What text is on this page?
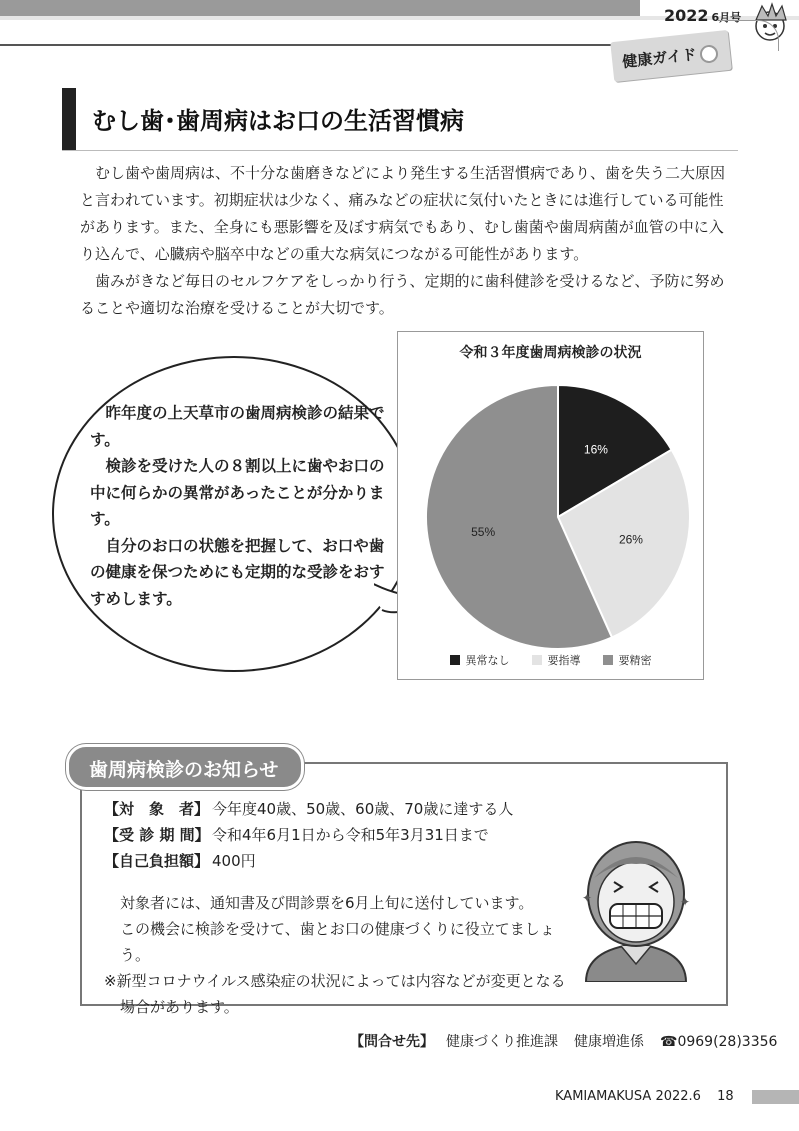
2022 6月号
健康ガイド
むし歯･歯周病はお口の生活習慣病

むし歯や歯周病は、不十分な歯磨きなどにより発生する生活習慣病であり、歯を失う二大原因と言われています。初期症状は少なく、痛みなどの症状に気付いたときには進行している可能性があります。また、全身にも悪影響を及ぼす病気でもあり、むし歯菌や歯周病菌が血管の中に入り込んで、心臓病や脳卒中などの重大な病気につながる可能性があります。

歯みがきなど毎日のセルフケアをしっかり行う、定期的に歯科健診を受けるなど、予防に努めることや適切な治療を受けることが大切です。

昨年度の上天草市の歯周病検診の結果です。

検診を受けた人の８割以上に歯やお口の中に何らかの異常があったことが分かります。

自分のお口の状態を把握して、お口や歯の健康を保つためにも定期的な受診をおすすめします。

令和３年度歯周病検診の状況
16%
26%
55%
異常なし	要指導	要精密
歯周病検診のお知らせ
【対　象　者】 今年度40歳、50歳、60歳、70歳に達する人
【受 診 期 間】 令和4年6月1日から令和5年3月31日まで
【自己負担額】 400円

対象者には、通知書及び問診票を6月上旬に送付しています。

この機会に検診を受けて、歯とお口の健康づくりに役立てましょう。

※新型コロナウイルス感染症の状況によっては内容などが変更となる場合があります。

✦	✦
【問合せ先】 健康づくり推進課 健康増進係 ☎0969(28)3356
KAMIAMAKUSA 2022.6 18
